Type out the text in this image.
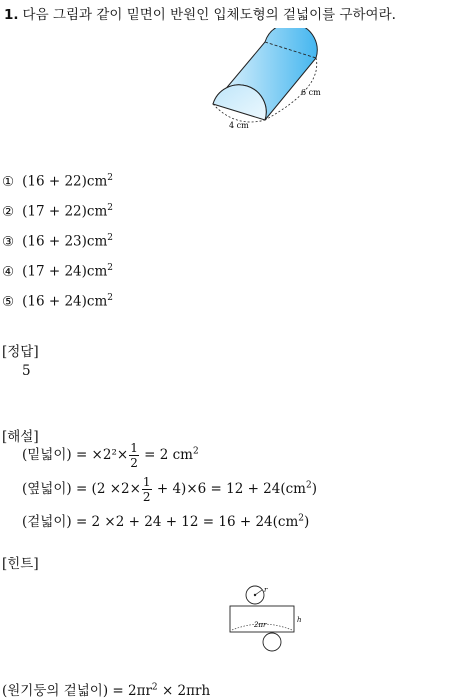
1. 다음 그림과 같이 밑면이 반원인 입체도형의 겉넓이를 구하여라.
6 cm
4 cm
① $(16 + 22)cm^2$
② $(17 + 22)cm^2$
③ $(16 + 23)cm^2$
④ $(17 + 24)cm^2$
⑤ $(16 + 24)cm^2$
[정답]
5
[해설]
(밑넓이) = $\times 2^2\times \frac{1}{2} = 2$ $cm^2$
(옆넓이) = $(2 \times 2\times \frac{1}{2} + 4)\times 6 = 12 + 24(cm^2)$
(겉넓이) = $2 \times 2 + 24 + 12 = 16 + 24(cm^2)$
[힌트]
r
2πr
h
(원기둥의 겉넓이) = $2\pi r^2 \times 2\pi rh$
